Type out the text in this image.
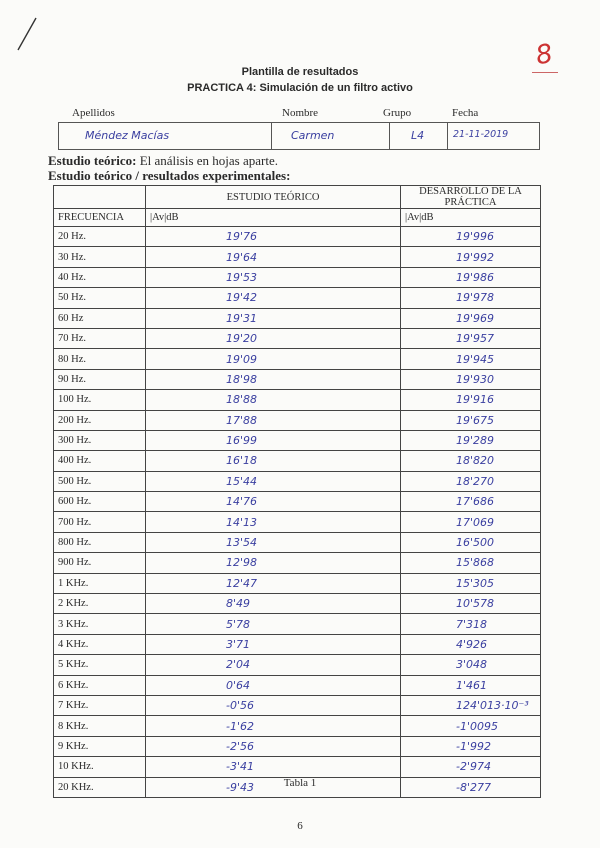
8
Plantilla de resultados
PRACTICA 4: Simulación de un filtro activo
Apellidos	Nombre	Grupo	Fecha
Méndez Macías	Carmen	L4	21-11-2019
Estudio teórico: El análisis en hojas aparte.
Estudio teórico / resultados experimentales:
	ESTUDIO TEÓRICO	DESARROLLO DE LA PRÁCTICA
FRECUENCIA	|Av|dB	|Av|dB
20 Hz.	19'76	19'996
30 Hz.	19'64	19'992
40 Hz.	19'53	19'986
50 Hz.	19'42	19'978
60 Hz	19'31	19'969
70 Hz.	19'20	19'957
80 Hz.	19'09	19'945
90 Hz.	18'98	19'930
100 Hz.	18'88	19'916
200 Hz.	17'88	19'675
300 Hz.	16'99	19'289
400 Hz.	16'18	18'820
500 Hz.	15'44	18'270
600 Hz.	14'76	17'686
700 Hz.	14'13	17'069
800 Hz.	13'54	16'500
900 Hz.	12'98	15'868
1 KHz.	12'47	15'305
2 KHz.	8'49	10'578
3 KHz.	5'78	7'318
4 KHz.	3'71	4'926
5 KHz.	2'04	3'048
6 KHz.	0'64	1'461
7 KHz.	-0'56	124'013·10⁻³
8 KHz.	-1'62	-1'0095
9 KHz.	-2'56	-1'992
10 KHz.	-3'41	-2'974
20 KHz.	-9'43	-8'277
Tabla 1
6
